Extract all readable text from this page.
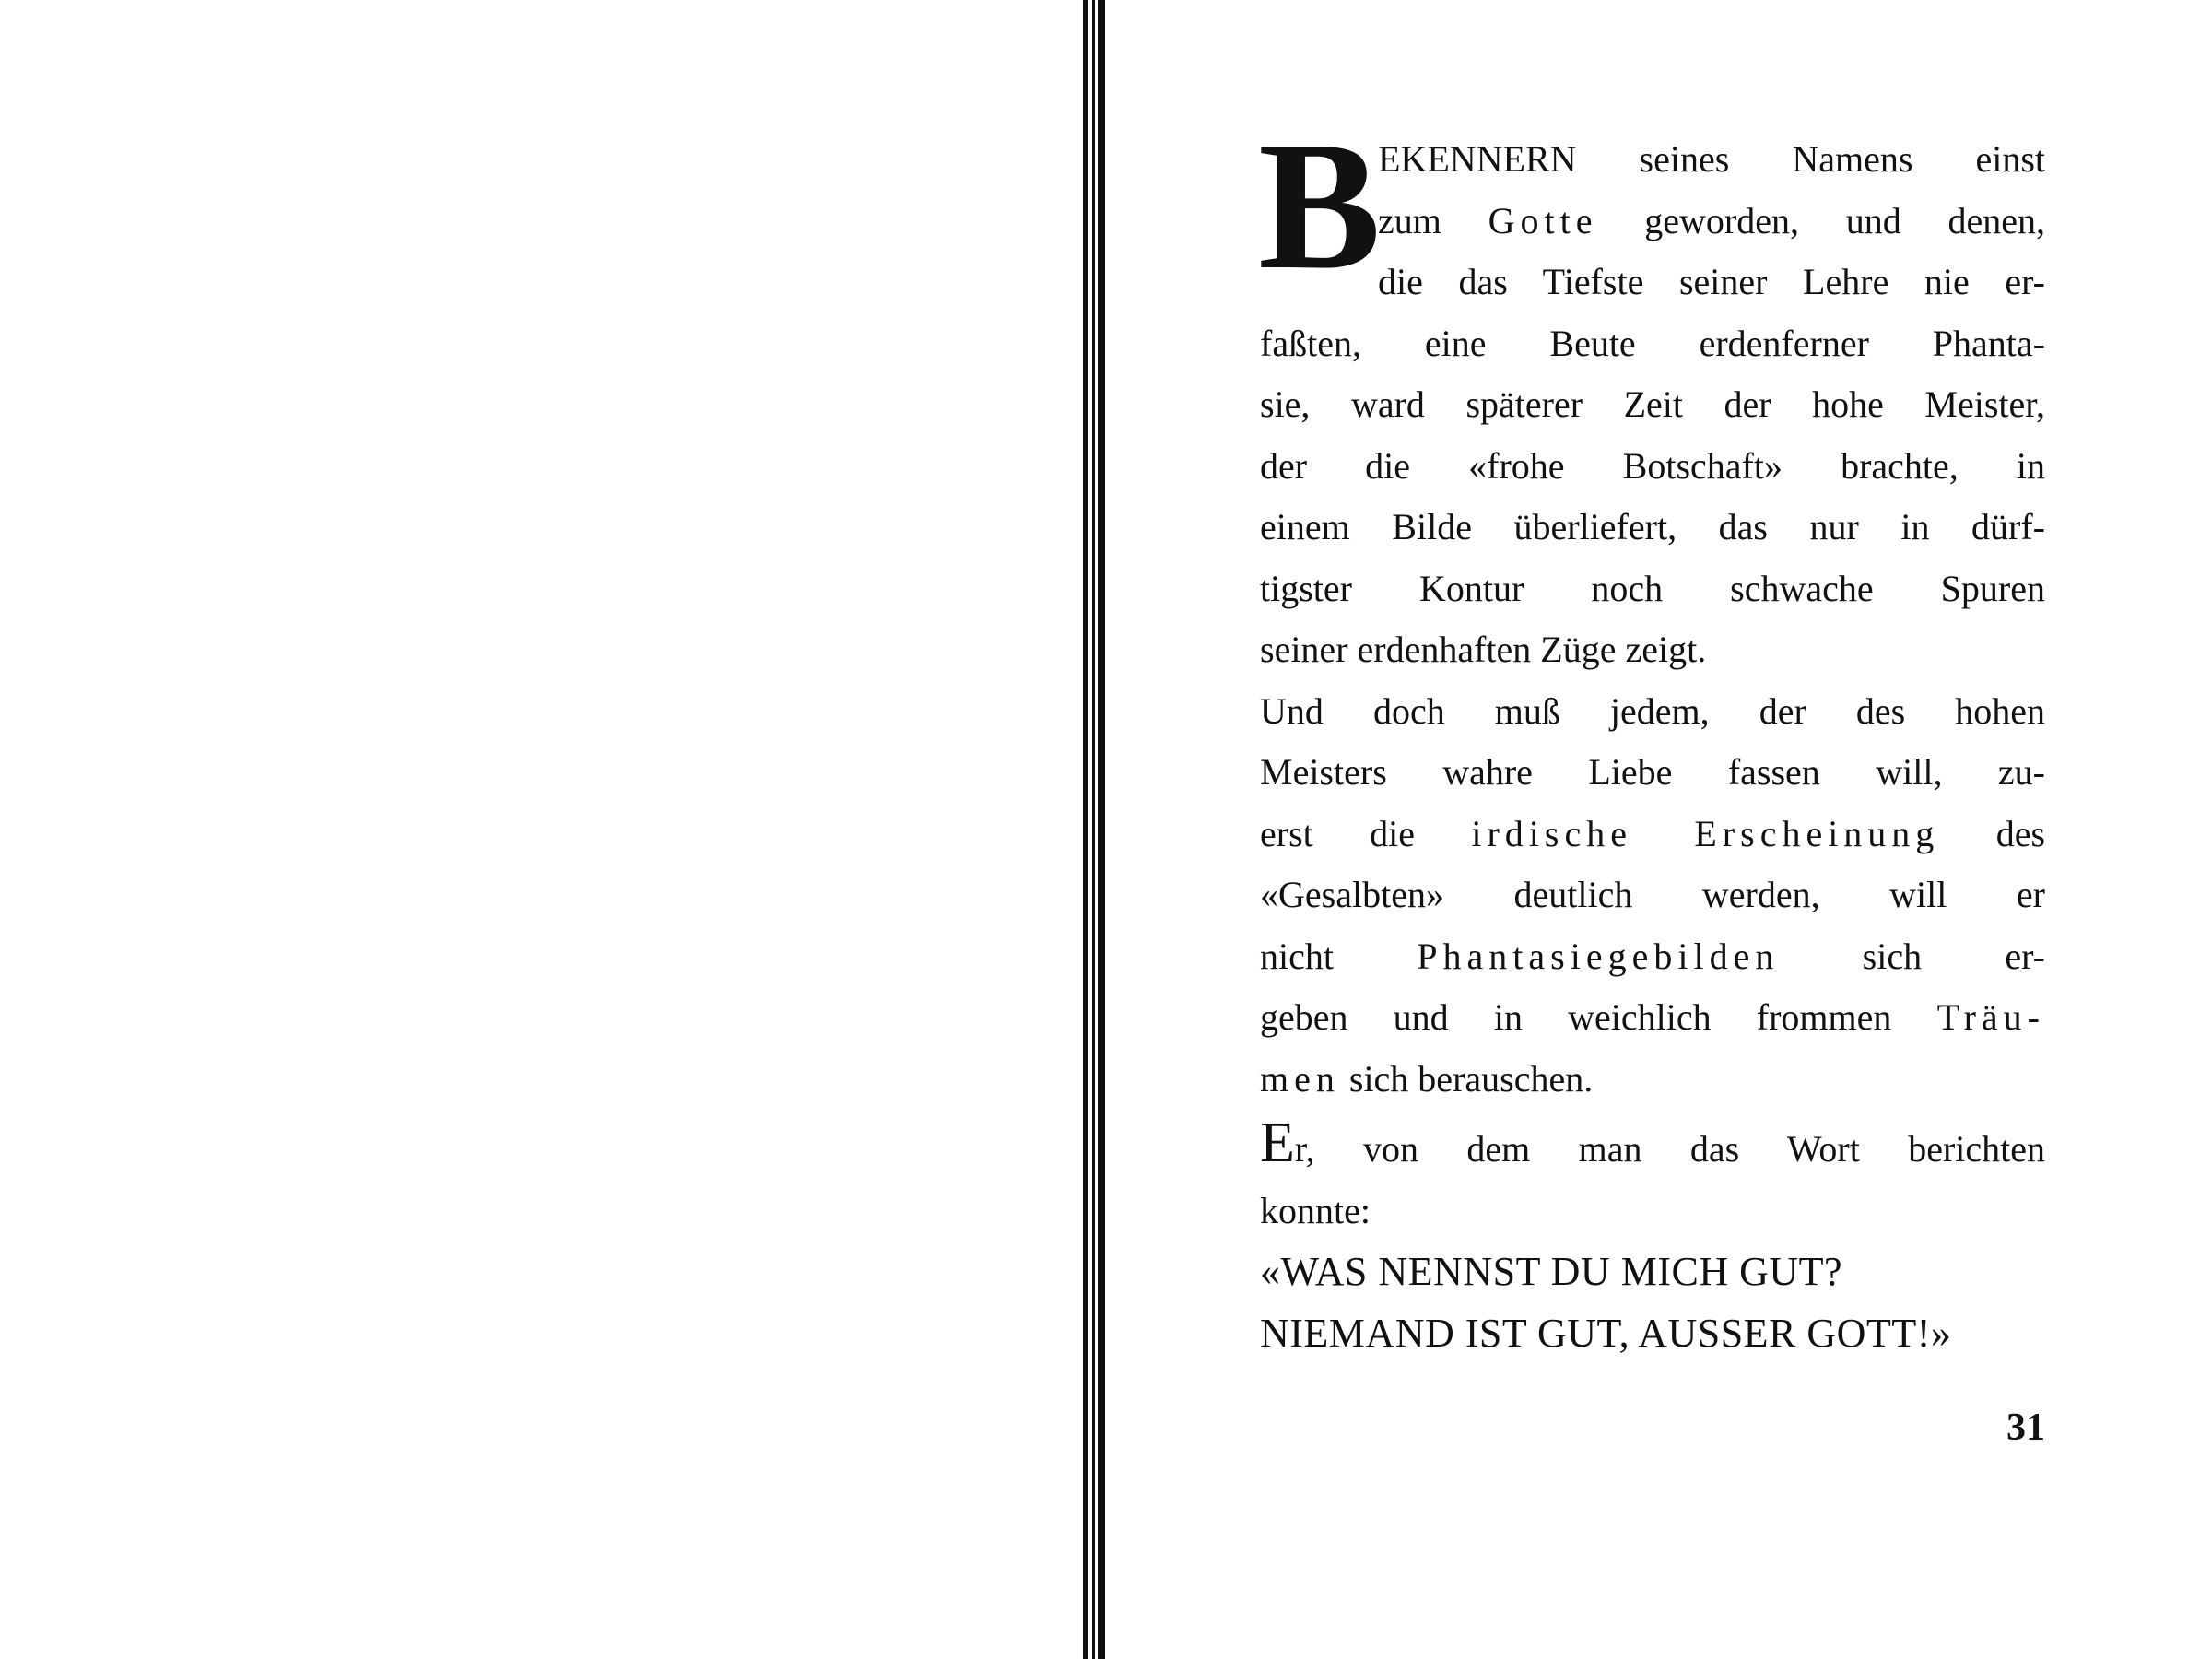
B
EKENNERN seines Namens einst
zum Gotte geworden, und denen,
die das Tiefste seiner Lehre nie er-
faßten, eine Beute erdenferner Phanta-
sie, ward späterer Zeit der hohe Meister,
der die «frohe Botschaft» brachte, in
einem Bilde überliefert, das nur in dürf-
tigster Kontur noch schwache Spuren
seiner erdenhaften Züge zeigt.
Und doch muß jedem, der des hohen
Meisters wahre Liebe fassen will, zu-
erst die irdische Erscheinung des
«Gesalbten» deutlich werden, will er
nicht Phantasiegebilden sich er-
geben und in weichlich frommen Träu-
men sich berauschen.
Er, von dem man das Wort berichten
konnte:
«WAS NENNST DU MICH GUT?
NIEMAND IST GUT, AUSSER GOTT!»
31
